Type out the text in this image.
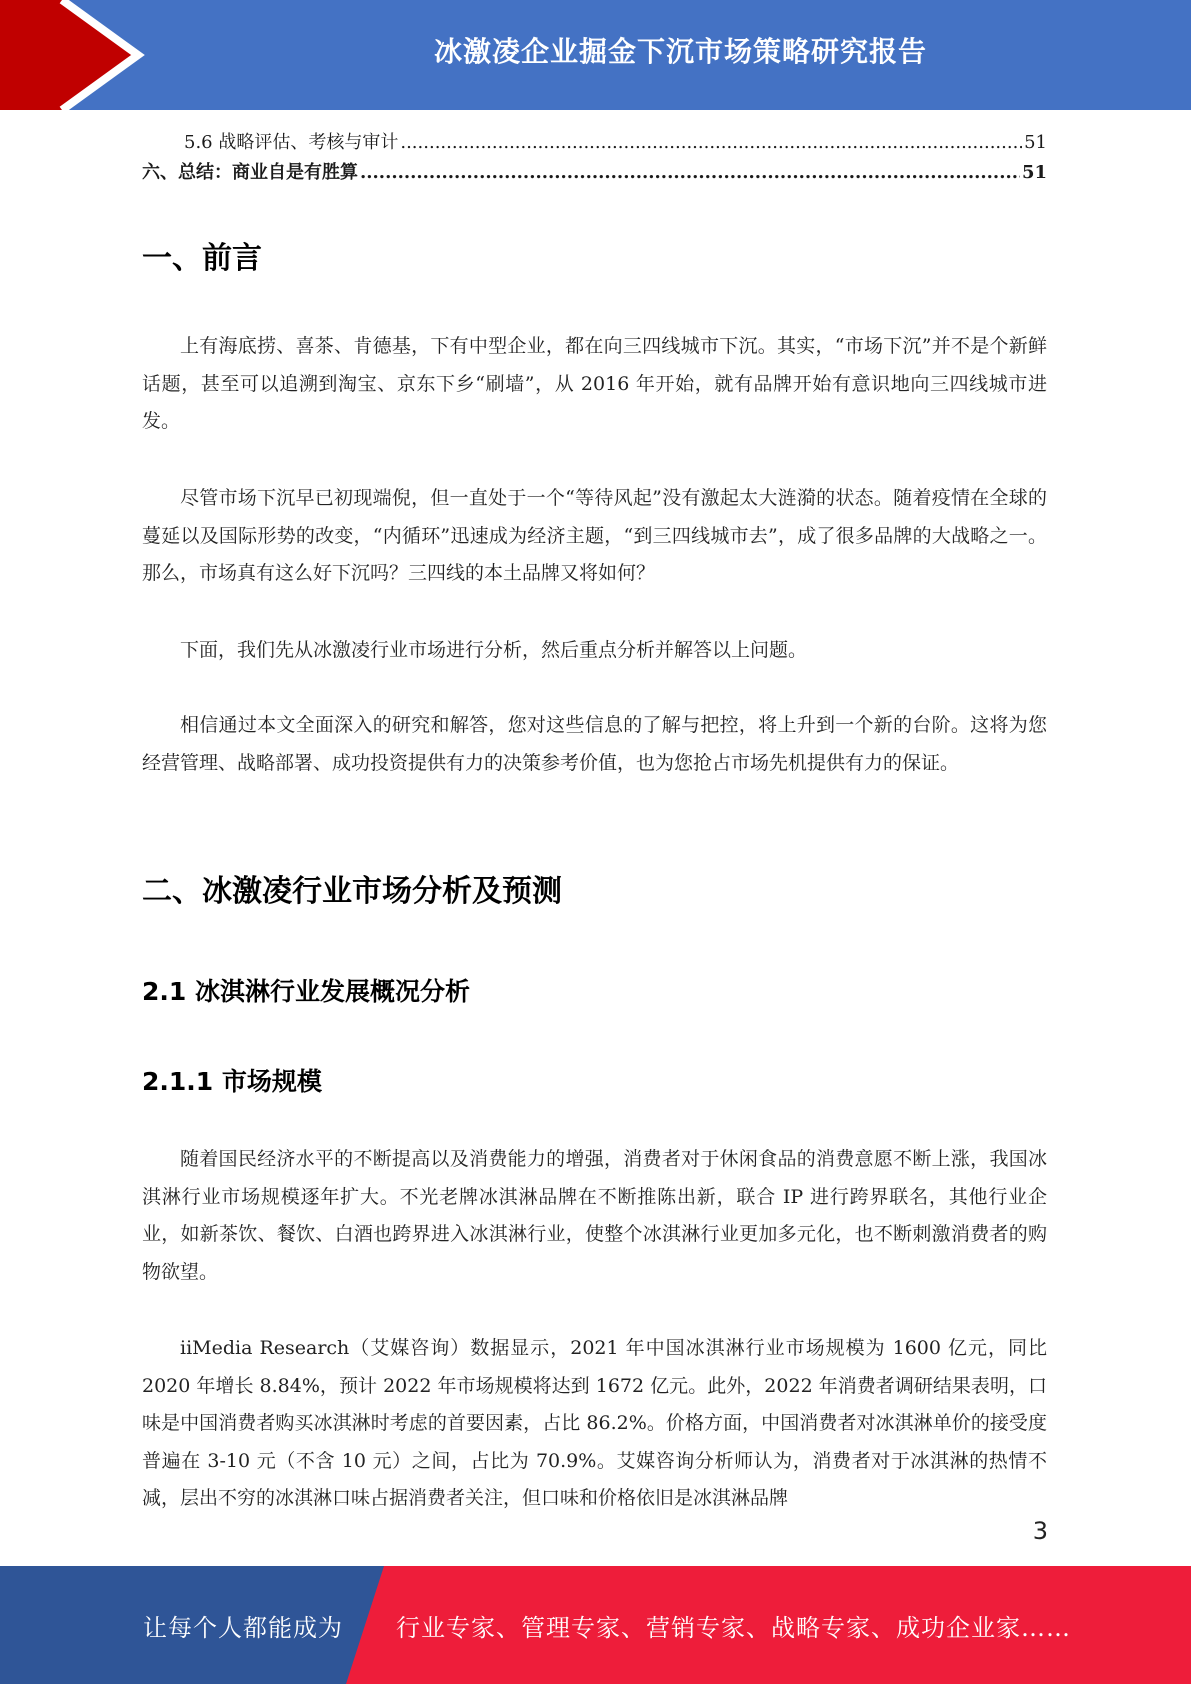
冰激凌企业掘金下沉市场策略研究报告
5.6 战略评估、考核与审计 .....	51
六、总结：商业自是有胜算 .....	51
一、前言

上有海底捞、喜茶、肯德基，下有中型企业，都在向三四线城市下沉。其实，“市场下沉”并不是个新鲜话题，甚至可以追溯到淘宝、京东下乡“刷墙”，从 2016 年开始，就有品牌开始有意识地向三四线城市进发。

尽管市场下沉早已初现端倪，但一直处于一个“等待风起”没有激起太大涟漪的状态。随着疫情在全球的蔓延以及国际形势的改变，“内循环”迅速成为经济主题，“到三四线城市去”，成了很多品牌的大战略之一。那么，市场真有这么好下沉吗？三四线的本土品牌又将如何？

下面，我们先从冰激凌行业市场进行分析，然后重点分析并解答以上问题。

相信通过本文全面深入的研究和解答，您对这些信息的了解与把控，将上升到一个新的台阶。这将为您经营管理、战略部署、成功投资提供有力的决策参考价值，也为您抢占市场先机提供有力的保证。

二、冰激凌行业市场分析及预测
2.1 冰淇淋行业发展概况分析
2.1.1 市场规模

随着国民经济水平的不断提高以及消费能力的增强，消费者对于休闲食品的消费意愿不断上涨，我国冰淇淋行业市场规模逐年扩大。不光老牌冰淇淋品牌在不断推陈出新，联合 IP 进行跨界联名，其他行业企业，如新茶饮、餐饮、白酒也跨界进入冰淇淋行业，使整个冰淇淋行业更加多元化，也不断刺激消费者的购物欲望。

iiMedia Research（艾媒咨询）数据显示，2021 年中国冰淇淋行业市场规模为 1600 亿元，同比 2020 年增长 8.84%，预计 2022 年市场规模将达到 1672 亿元。此外，2022 年消费者调研结果表明，口味是中国消费者购买冰淇淋时考虑的首要因素，占比 86.2%。价格方面，中国消费者对冰淇淋单价的接受度普遍在 3-10 元（不含 10 元）之间，占比为 70.9%。艾媒咨询分析师认为，消费者对于冰淇淋的热情不减，层出不穷的冰淇淋口味占据消费者关注，但口味和价格依旧是冰淇淋品牌

3
让每个人都能成为 行业专家、管理专家、营销专家、战略专家、成功企业家……
